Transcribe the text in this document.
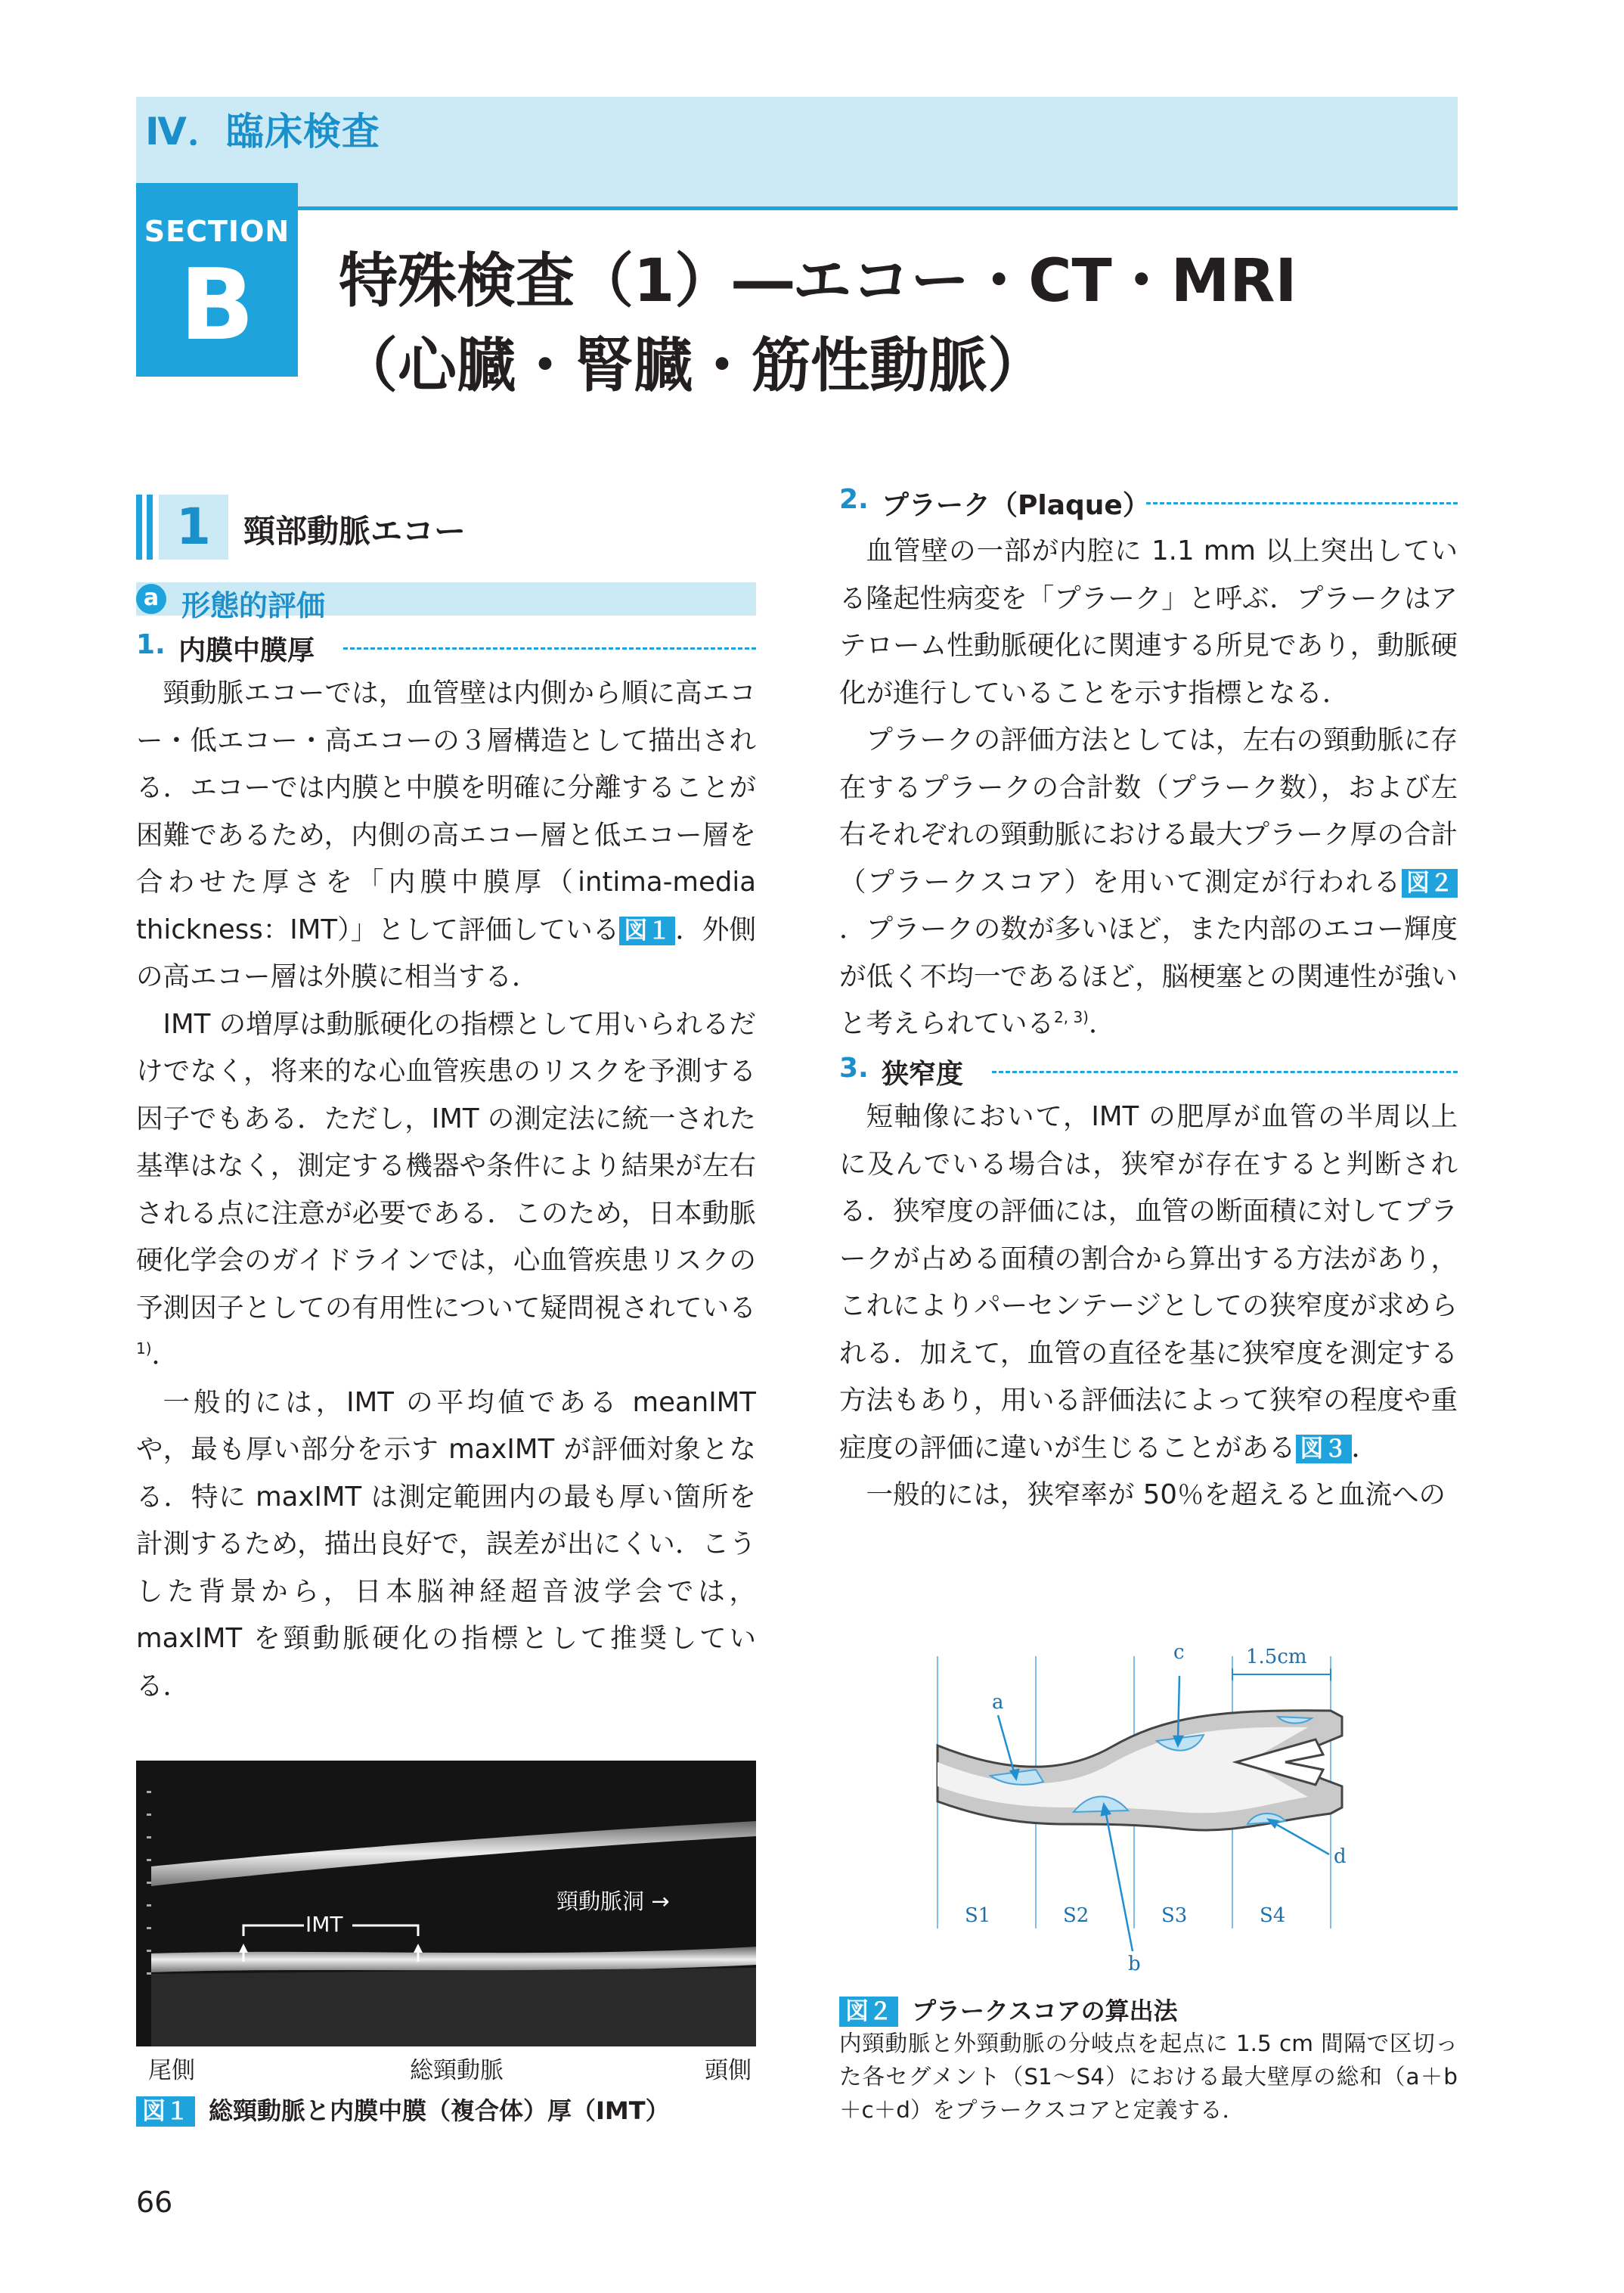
Ⅳ．臨床検査
SECTION
B	特殊検査（1）―エコー・CT・MRI
（心臓・腎臓・筋性動脈）
1	頸部動脈エコー
a 形態的評価
1. 内膜中膜厚

頸動脈エコーでは，血管壁は内側から順に高エコー・低エコー・高エコーの３層構造として描出される．エコーでは内膜と中膜を明確に分離することが困難であるため，内側の高エコー層と低エコー層を合わせた厚さを「内膜中膜厚（intima-media thickness：IMT）」として評価している 図１ ．外側の高エコー層は外膜に相当する．

IMT の増厚は動脈硬化の指標として用いられるだけでなく，将来的な心血管疾患のリスクを予測する因子でもある．ただし，IMT の測定法に統一された基準はなく，測定する機器や条件により結果が左右される点に注意が必要である．このため，日本動脈硬化学会のガイドラインでは，心血管疾患リスクの予測因子としての有用性について疑問視されている$^{1)}$．

一般的には，IMT の平均値である meanIMT や，最も厚い部分を示す maxIMT が評価対象となる．特に maxIMT は測定範囲内の最も厚い箇所を計測するため，描出良好で，誤差が出にくい．こうした背景から，日本脳神経超音波学会では，maxIMT を頸動脈硬化の指標として推奨している．

IMT
頸動脈洞 →
尾側	総頸動脈	頭側
図１ 総頸動脈と内膜中膜（複合体）厚（IMT）
2. プラーク（Plaque）

血管壁の一部が内腔に 1.1 mm 以上突出している隆起性病変を「プラーク」と呼ぶ．プラークはアテローム性動脈硬化に関連する所見であり，動脈硬化が進行していることを示す指標となる．

プラークの評価方法としては，左右の頸動脈に存在するプラークの合計数（プラーク数），および左右それぞれの頸動脈における最大プラーク厚の合計（プラークスコア）を用いて測定が行われる 図２．プラークの数が多いほど，また内部のエコー輝度が低く不均一であるほど，脳梗塞との関連性が強いと考えられている$^{2, 3)}$．

3. 狭窄度

短軸像において，IMT の肥厚が血管の半周以上に及んでいる場合は，狭窄が存在すると判断される．狭窄度の評価には，血管の断面積に対してプラークが占める面積の割合から算出する方法があり，これによりパーセンテージとしての狭窄度が求められる．加えて，血管の直径を基に狭窄度を測定する方法もあり，用いる評価法によって狭窄の程度や重症度の評価に違いが生じることがある 図３ ．

一般的には，狭窄率が 50％を超えると血流への

a
c
b
d
1.5cm
S1	S2	S3	S4
図２ プラークスコアの算出法

内頸動脈と外頸動脈の分岐点を起点に 1.5 cm 間隔で区切った各セグメント（S1〜S4）における最大壁厚の総和（a＋b＋c＋d）をプラークスコアと定義する．

66
